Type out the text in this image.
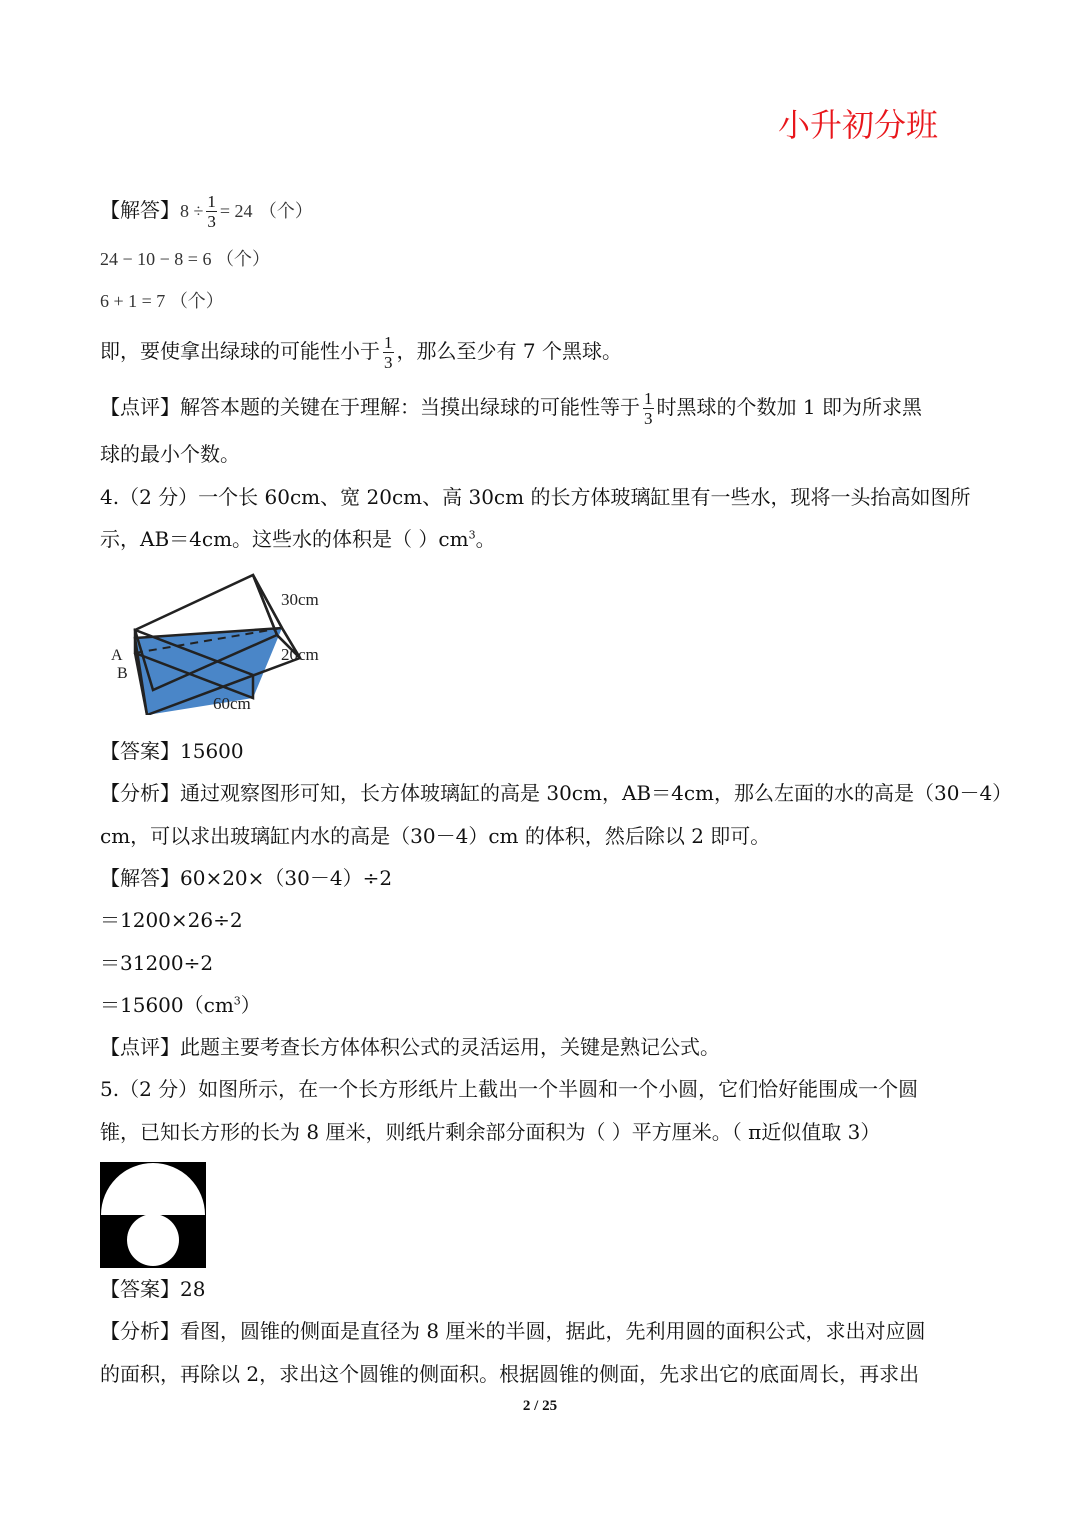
小升初分班
【解答】$8 \div \frac{1}{3} = 24$ （个）
24 − 10 − 8 = 6 （个）
6 + 1 = 7 （个）
即，要使拿出绿球的可能性小于 $\frac{1}{3}$ ，那么至少有 7 个黑球。
【点评】解答本题的关键在于理解：当摸出绿球的可能性等于 $\frac{1}{3}$ 时黑球的个数加 1 即为所求黑
球的最小个数。
4.（2 分）一个长 60cm、宽 20cm、高 30cm 的长方体玻璃缸里有一些水，现将一头抬高如图所
示，AB＝4cm。这些水的体积是（ ）$cm^3$。
30cm
20cm
60cm
A
B
【答案】15600
【分析】通过观察图形可知，长方体玻璃缸的高是 30cm，AB＝4cm，那么左面的水的高是（30－4）
cm，可以求出玻璃缸内水的高是（30－4）cm 的体积，然后除以 2 即可。
【解答】60×20×（30－4）÷2
＝1200×26÷2
＝31200÷2
$=15600(cm^3)$
【点评】此题主要考查长方体体积公式的灵活运用，关键是熟记公式。
5.（2 分）如图所示，在一个长方形纸片上截出一个半圆和一个小圆，它们恰好能围成一个圆
锥，已知长方形的长为 8 厘米，则纸片剩余部分面积为（ ）平方厘米。（ π近似值取 3）
【答案】28
【分析】看图，圆锥的侧面是直径为 8 厘米的半圆，据此，先利用圆的面积公式，求出对应圆
的面积，再除以 2，求出这个圆锥的侧面积。根据圆锥的侧面，先求出它的底面周长，再求出
2 / 25
